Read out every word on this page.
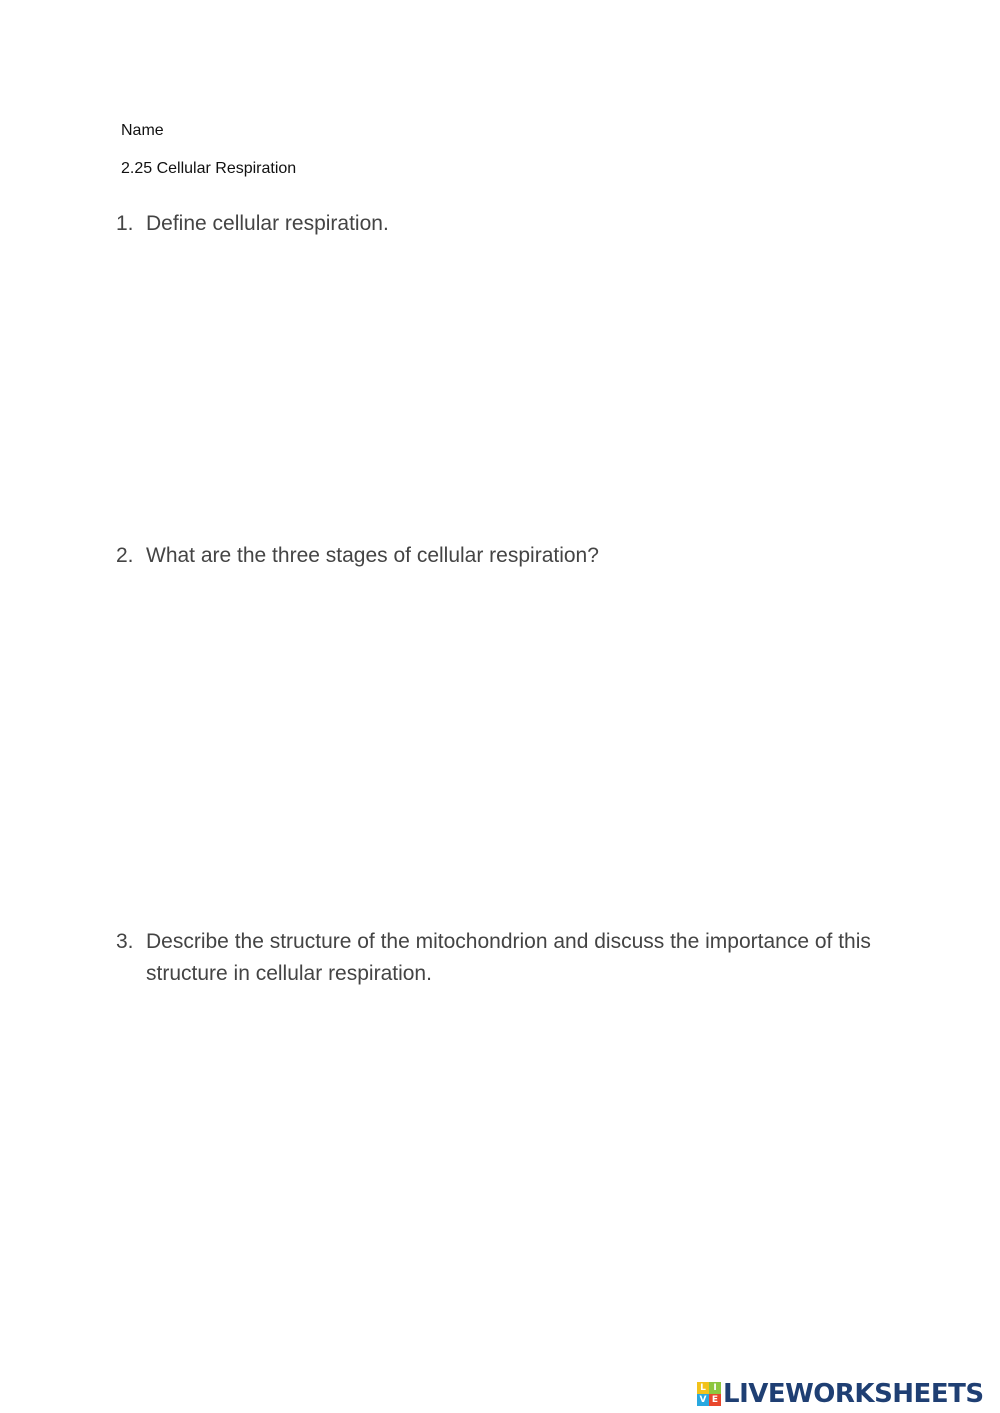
Name
2.25 Cellular Respiration
1. Define cellular respiration.
2. What are the three stages of cellular respiration?
3. Describe the structure of the mitochondrion and discuss the importance of this structure in cellular respiration.
L I
V E LIVEWORKSHEETS
